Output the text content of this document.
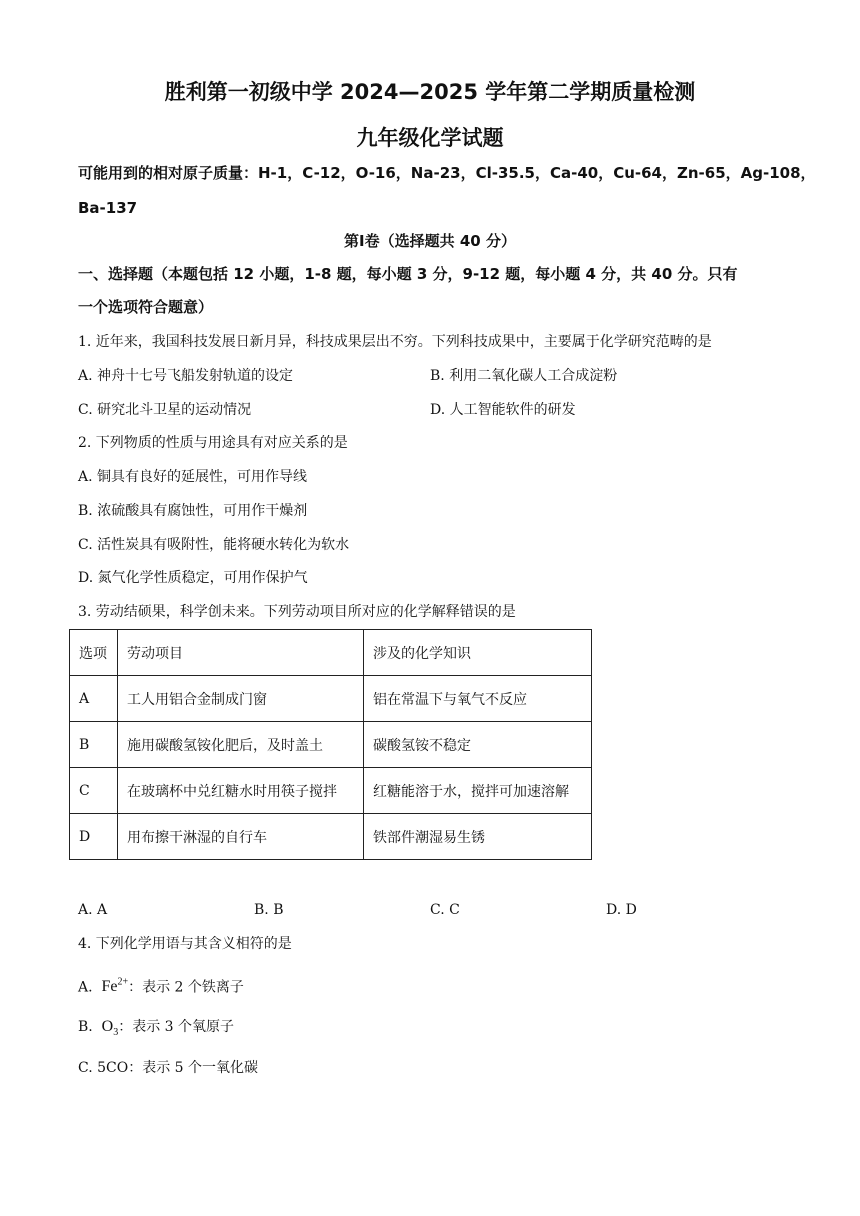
胜利第一初级中学 2024—2025 学年第二学期质量检测
九年级化学试题
可能用到的相对原子质量：H-1，C-12，O-16，Na-23，Cl-35.5，Ca-40，Cu-64，Zn-65，Ag-108，
Ba-137
第Ⅰ卷（选择题共 40 分）
一、选择题（本题包括 12 小题，1-8 题，每小题 3 分，9-12 题，每小题 4 分，共 40 分。只有
一个选项符合题意）
1. 近年来，我国科技发展日新月异，科技成果层出不穷。下列科技成果中，主要属于化学研究范畴的是
A. 神舟十七号飞船发射轨道的设定	B. 利用二氧化碳人工合成淀粉
C. 研究北斗卫星的运动情况	D. 人工智能软件的研发
2. 下列物质的性质与用途具有对应关系的是
A. 铜具有良好的延展性，可用作导线
B. 浓硫酸具有腐蚀性，可用作干燥剂
C. 活性炭具有吸附性，能将硬水转化为软水
D. 氮气化学性质稳定，可用作保护气
3. 劳动结硕果，科学创未来。下列劳动项目所对应的化学解释错误的是
选项	劳动项目	涉及的化学知识
A	工人用铝合金制成门窗	铝在常温下与氧气不反应
B	施用碳酸氢铵化肥后，及时盖土	碳酸氢铵不稳定
C	在玻璃杯中兑红糖水时用筷子搅拌	红糖能溶于水，搅拌可加速溶解
D	用布擦干淋湿的自行车	铁部件潮湿易生锈
A. A	B. B	C. C	D. D
4. 下列化学用语与其含义相符的是
A. $Fe^{2+}$：表示 2 个铁离子
B. $O_3$：表示 3 个氧原子
C. 5CO：表示 5 个一氧化碳
